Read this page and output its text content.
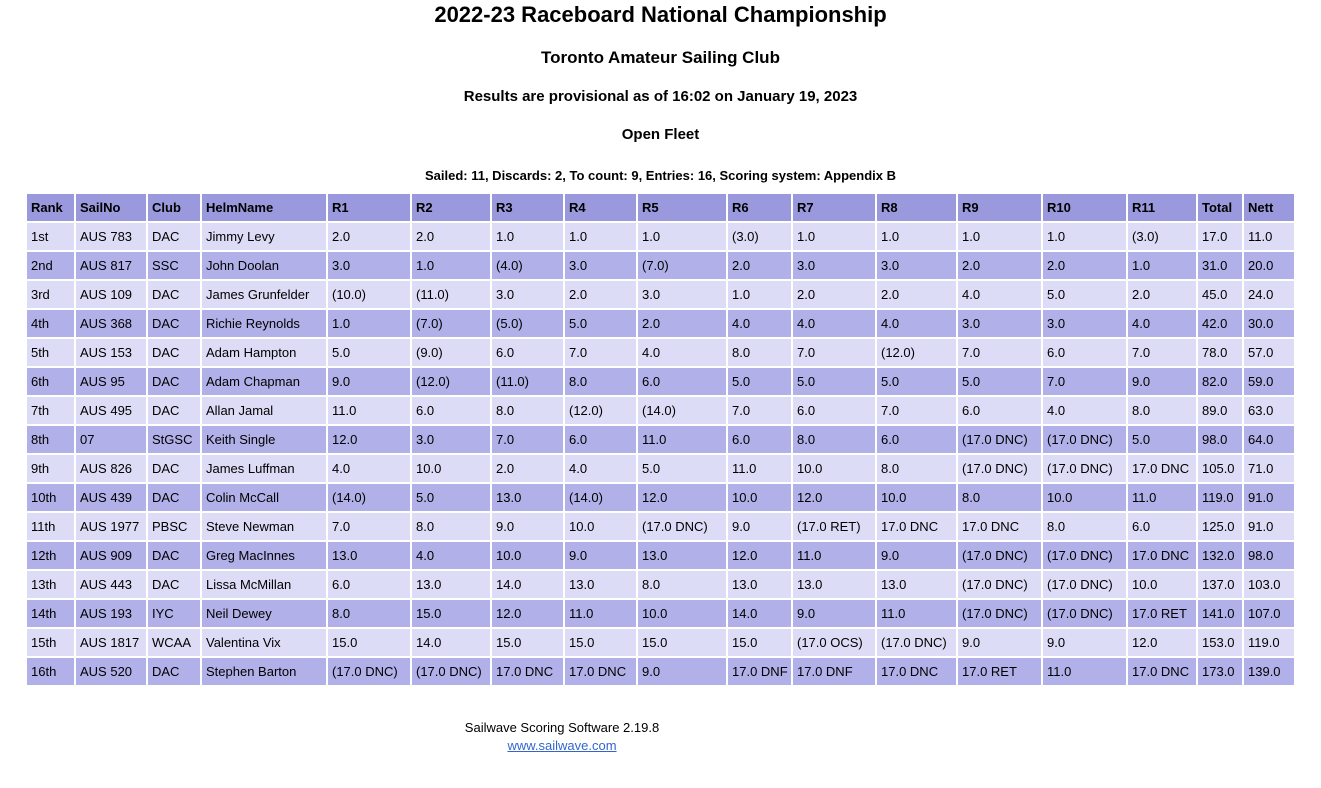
2022-23 Raceboard National Championship
Toronto Amateur Sailing Club
Results are provisional as of 16:02 on January 19, 2023
Open Fleet
Sailed: 11, Discards: 2, To count: 9, Entries: 16, Scoring system: Appendix B
Rank	SailNo	Club	HelmName	R1	R2	R3	R4	R5	R6	R7	R8	R9	R10	R11	Total	Nett
1st	AUS 783	DAC	Jimmy Levy	2.0	2.0	1.0	1.0	1.0	(3.0)	1.0	1.0	1.0	1.0	(3.0)	17.0	11.0
2nd	AUS 817	SSC	John Doolan	3.0	1.0	(4.0)	3.0	(7.0)	2.0	3.0	3.0	2.0	2.0	1.0	31.0	20.0
3rd	AUS 109	DAC	James Grunfelder	(10.0)	(11.0)	3.0	2.0	3.0	1.0	2.0	2.0	4.0	5.0	2.0	45.0	24.0
4th	AUS 368	DAC	Richie Reynolds	1.0	(7.0)	(5.0)	5.0	2.0	4.0	4.0	4.0	3.0	3.0	4.0	42.0	30.0
5th	AUS 153	DAC	Adam Hampton	5.0	(9.0)	6.0	7.0	4.0	8.0	7.0	(12.0)	7.0	6.0	7.0	78.0	57.0
6th	AUS 95	DAC	Adam Chapman	9.0	(12.0)	(11.0)	8.0	6.0	5.0	5.0	5.0	5.0	7.0	9.0	82.0	59.0
7th	AUS 495	DAC	Allan Jamal	11.0	6.0	8.0	(12.0)	(14.0)	7.0	6.0	7.0	6.0	4.0	8.0	89.0	63.0
8th	07	StGSC	Keith Single	12.0	3.0	7.0	6.0	11.0	6.0	8.0	6.0	(17.0 DNC)	(17.0 DNC)	5.0	98.0	64.0
9th	AUS 826	DAC	James Luffman	4.0	10.0	2.0	4.0	5.0	11.0	10.0	8.0	(17.0 DNC)	(17.0 DNC)	17.0 DNC	105.0	71.0
10th	AUS 439	DAC	Colin McCall	(14.0)	5.0	13.0	(14.0)	12.0	10.0	12.0	10.0	8.0	10.0	11.0	119.0	91.0
11th	AUS 1977	PBSC	Steve Newman	7.0	8.0	9.0	10.0	(17.0 DNC)	9.0	(17.0 RET)	17.0 DNC	17.0 DNC	8.0	6.0	125.0	91.0
12th	AUS 909	DAC	Greg MacInnes	13.0	4.0	10.0	9.0	13.0	12.0	11.0	9.0	(17.0 DNC)	(17.0 DNC)	17.0 DNC	132.0	98.0
13th	AUS 443	DAC	Lissa McMillan	6.0	13.0	14.0	13.0	8.0	13.0	13.0	13.0	(17.0 DNC)	(17.0 DNC)	10.0	137.0	103.0
14th	AUS 193	IYC	Neil Dewey	8.0	15.0	12.0	11.0	10.0	14.0	9.0	11.0	(17.0 DNC)	(17.0 DNC)	17.0 RET	141.0	107.0
15th	AUS 1817	WCAA	Valentina Vix	15.0	14.0	15.0	15.0	15.0	15.0	(17.0 OCS)	(17.0 DNC)	9.0	9.0	12.0	153.0	119.0
16th	AUS 520	DAC	Stephen Barton	(17.0 DNC)	(17.0 DNC)	17.0 DNC	17.0 DNC	9.0	17.0 DNF	17.0 DNF	17.0 DNC	17.0 RET	11.0	17.0 DNC	173.0	139.0
Sailwave Scoring Software 2.19.8
www.sailwave.com
